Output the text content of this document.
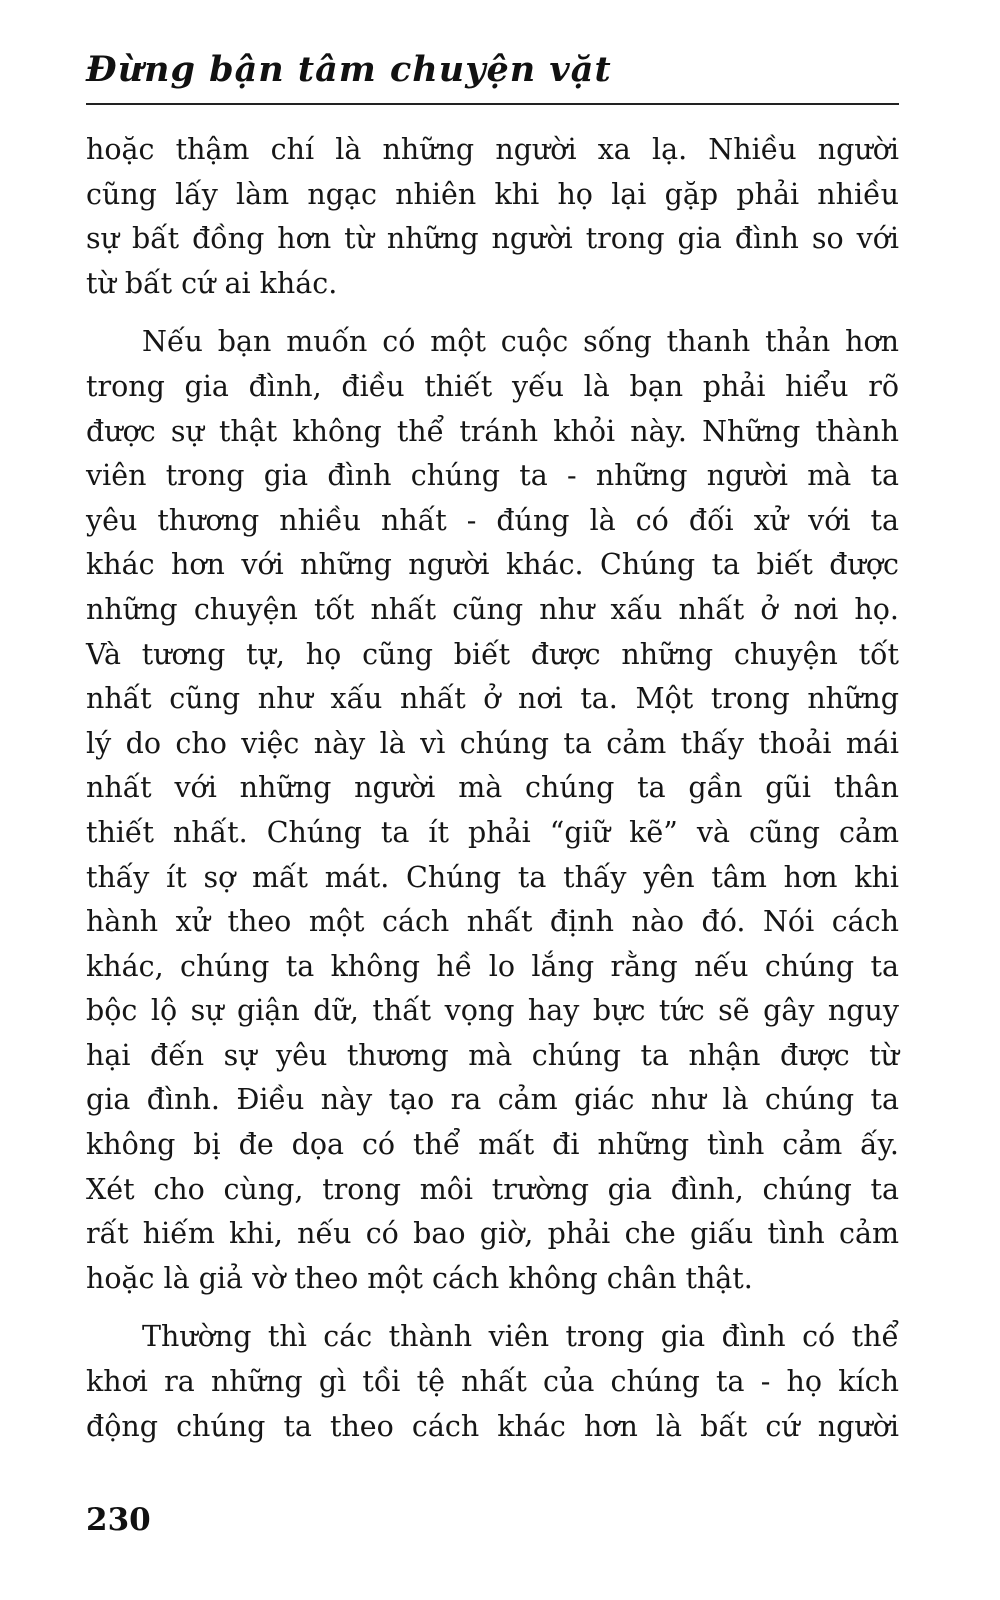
Đừng bận tâm chuyện vặt

hoặc thậm chí là những người xa lạ. Nhiều người
cũng lấy làm ngạc nhiên khi họ lại gặp phải nhiều
sự bất đồng hơn từ những người trong gia đình so với
từ bất cứ ai khác.

Nếu bạn muốn có một cuộc sống thanh thản hơn
trong gia đình, điều thiết yếu là bạn phải hiểu rõ
được sự thật không thể tránh khỏi này. Những thành
viên trong gia đình chúng ta - những người mà ta
yêu thương nhiều nhất - đúng là có đối xử với ta
khác hơn với những người khác. Chúng ta biết được
những chuyện tốt nhất cũng như xấu nhất ở nơi họ.
Và tương tự, họ cũng biết được những chuyện tốt
nhất cũng như xấu nhất ở nơi ta. Một trong những
lý do cho việc này là vì chúng ta cảm thấy thoải mái
nhất với những người mà chúng ta gần gũi thân
thiết nhất. Chúng ta ít phải “giữ kẽ” và cũng cảm
thấy ít sợ mất mát. Chúng ta thấy yên tâm hơn khi
hành xử theo một cách nhất định nào đó. Nói cách
khác, chúng ta không hề lo lắng rằng nếu chúng ta
bộc lộ sự giận dữ, thất vọng hay bực tức sẽ gây nguy
hại đến sự yêu thương mà chúng ta nhận được từ
gia đình. Điều này tạo ra cảm giác như là chúng ta
không bị đe dọa có thể mất đi những tình cảm ấy.
Xét cho cùng, trong môi trường gia đình, chúng ta
rất hiếm khi, nếu có bao giờ, phải che giấu tình cảm
hoặc là giả vờ theo một cách không chân thật.

Thường thì các thành viên trong gia đình có thể
khơi ra những gì tồi tệ nhất của chúng ta - họ kích
động chúng ta theo cách khác hơn là bất cứ người

230
